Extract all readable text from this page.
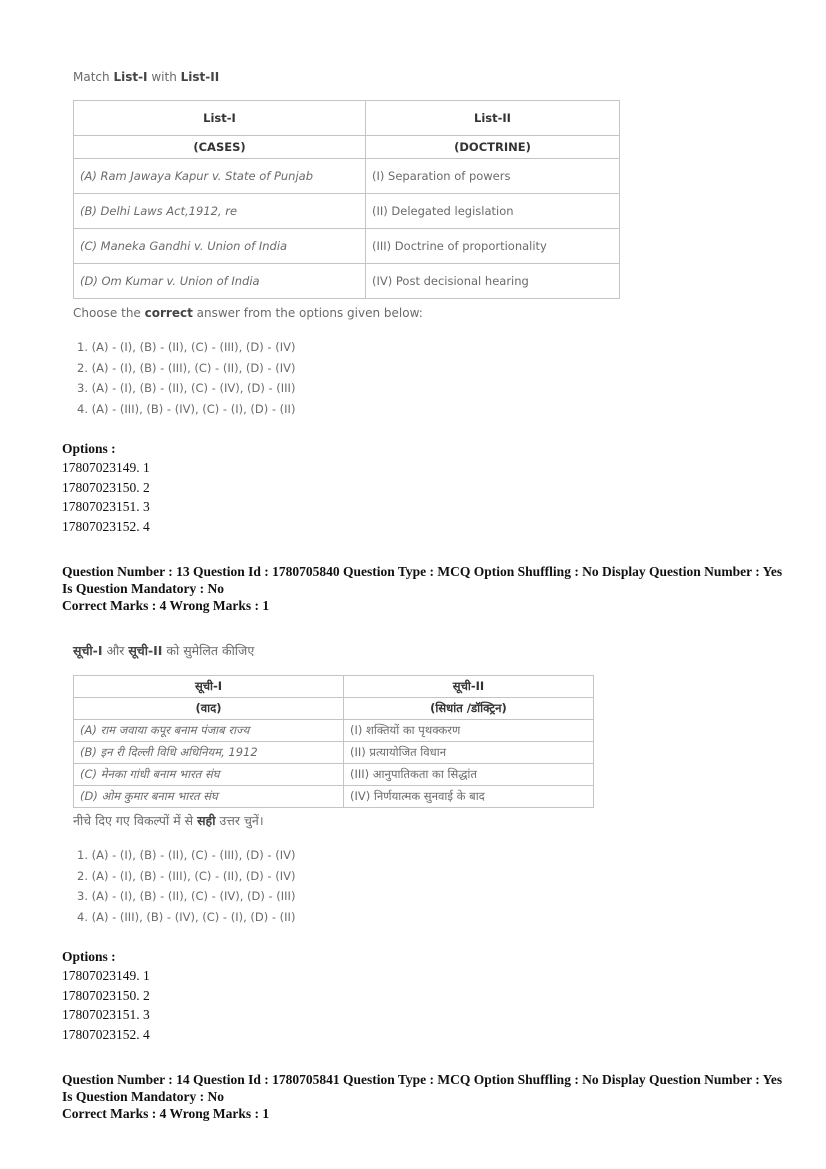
Match List-I with List-II
List-I	List-II
(CASES)	(DOCTRINE)
(A) Ram Jawaya Kapur v. State of Punjab	(I) Separation of powers
(B) Delhi Laws Act,1912, re	(II) Delegated legislation
(C) Maneka Gandhi v. Union of India	(III) Doctrine of proportionality
(D) Om Kumar v. Union of India	(IV) Post decisional hearing
Choose the correct answer from the options given below:
1. (A) - (I), (B) - (II), (C) - (III), (D) - (IV)
2. (A) - (I), (B) - (III), (C) - (II), (D) - (IV)
3. (A) - (I), (B) - (II), (C) - (IV), (D) - (III)
4. (A) - (III), (B) - (IV), (C) - (I), (D) - (II)
Options :
17807023149. 1
17807023150. 2
17807023151. 3
17807023152. 4
Question Number : 13 Question Id : 1780705840 Question Type : MCQ Option Shuffling : No Display Question Number : Yes
Is Question Mandatory : No
Correct Marks : 4 Wrong Marks : 1
सूची-I और सूची-II को सुमेलित कीजिए
सूची-I	सूची-II
(वाद)	(सिधांत /डॉक्ट्रिन)
(A) राम जवाया कपूर बनाम पंजाब राज्य	(I) शक्तियों का पृथक्करण
(B) इन री दिल्ली विधि अधिनियम, 1912	(II) प्रत्यायोजित विधान
(C) मेनका गांधी बनाम भारत संघ	(III) आनुपातिकता का सिद्धांत
(D) ओम कुमार बनाम भारत संघ	(IV) निर्णयात्मक सुनवाई के बाद
नीचे दिए गए विकल्पों में से सही उत्तर चुनें।
1. (A) - (I), (B) - (II), (C) - (III), (D) - (IV)
2. (A) - (I), (B) - (III), (C) - (II), (D) - (IV)
3. (A) - (I), (B) - (II), (C) - (IV), (D) - (III)
4. (A) - (III), (B) - (IV), (C) - (I), (D) - (II)
Options :
17807023149. 1
17807023150. 2
17807023151. 3
17807023152. 4
Question Number : 14 Question Id : 1780705841 Question Type : MCQ Option Shuffling : No Display Question Number : Yes
Is Question Mandatory : No
Correct Marks : 4 Wrong Marks : 1
